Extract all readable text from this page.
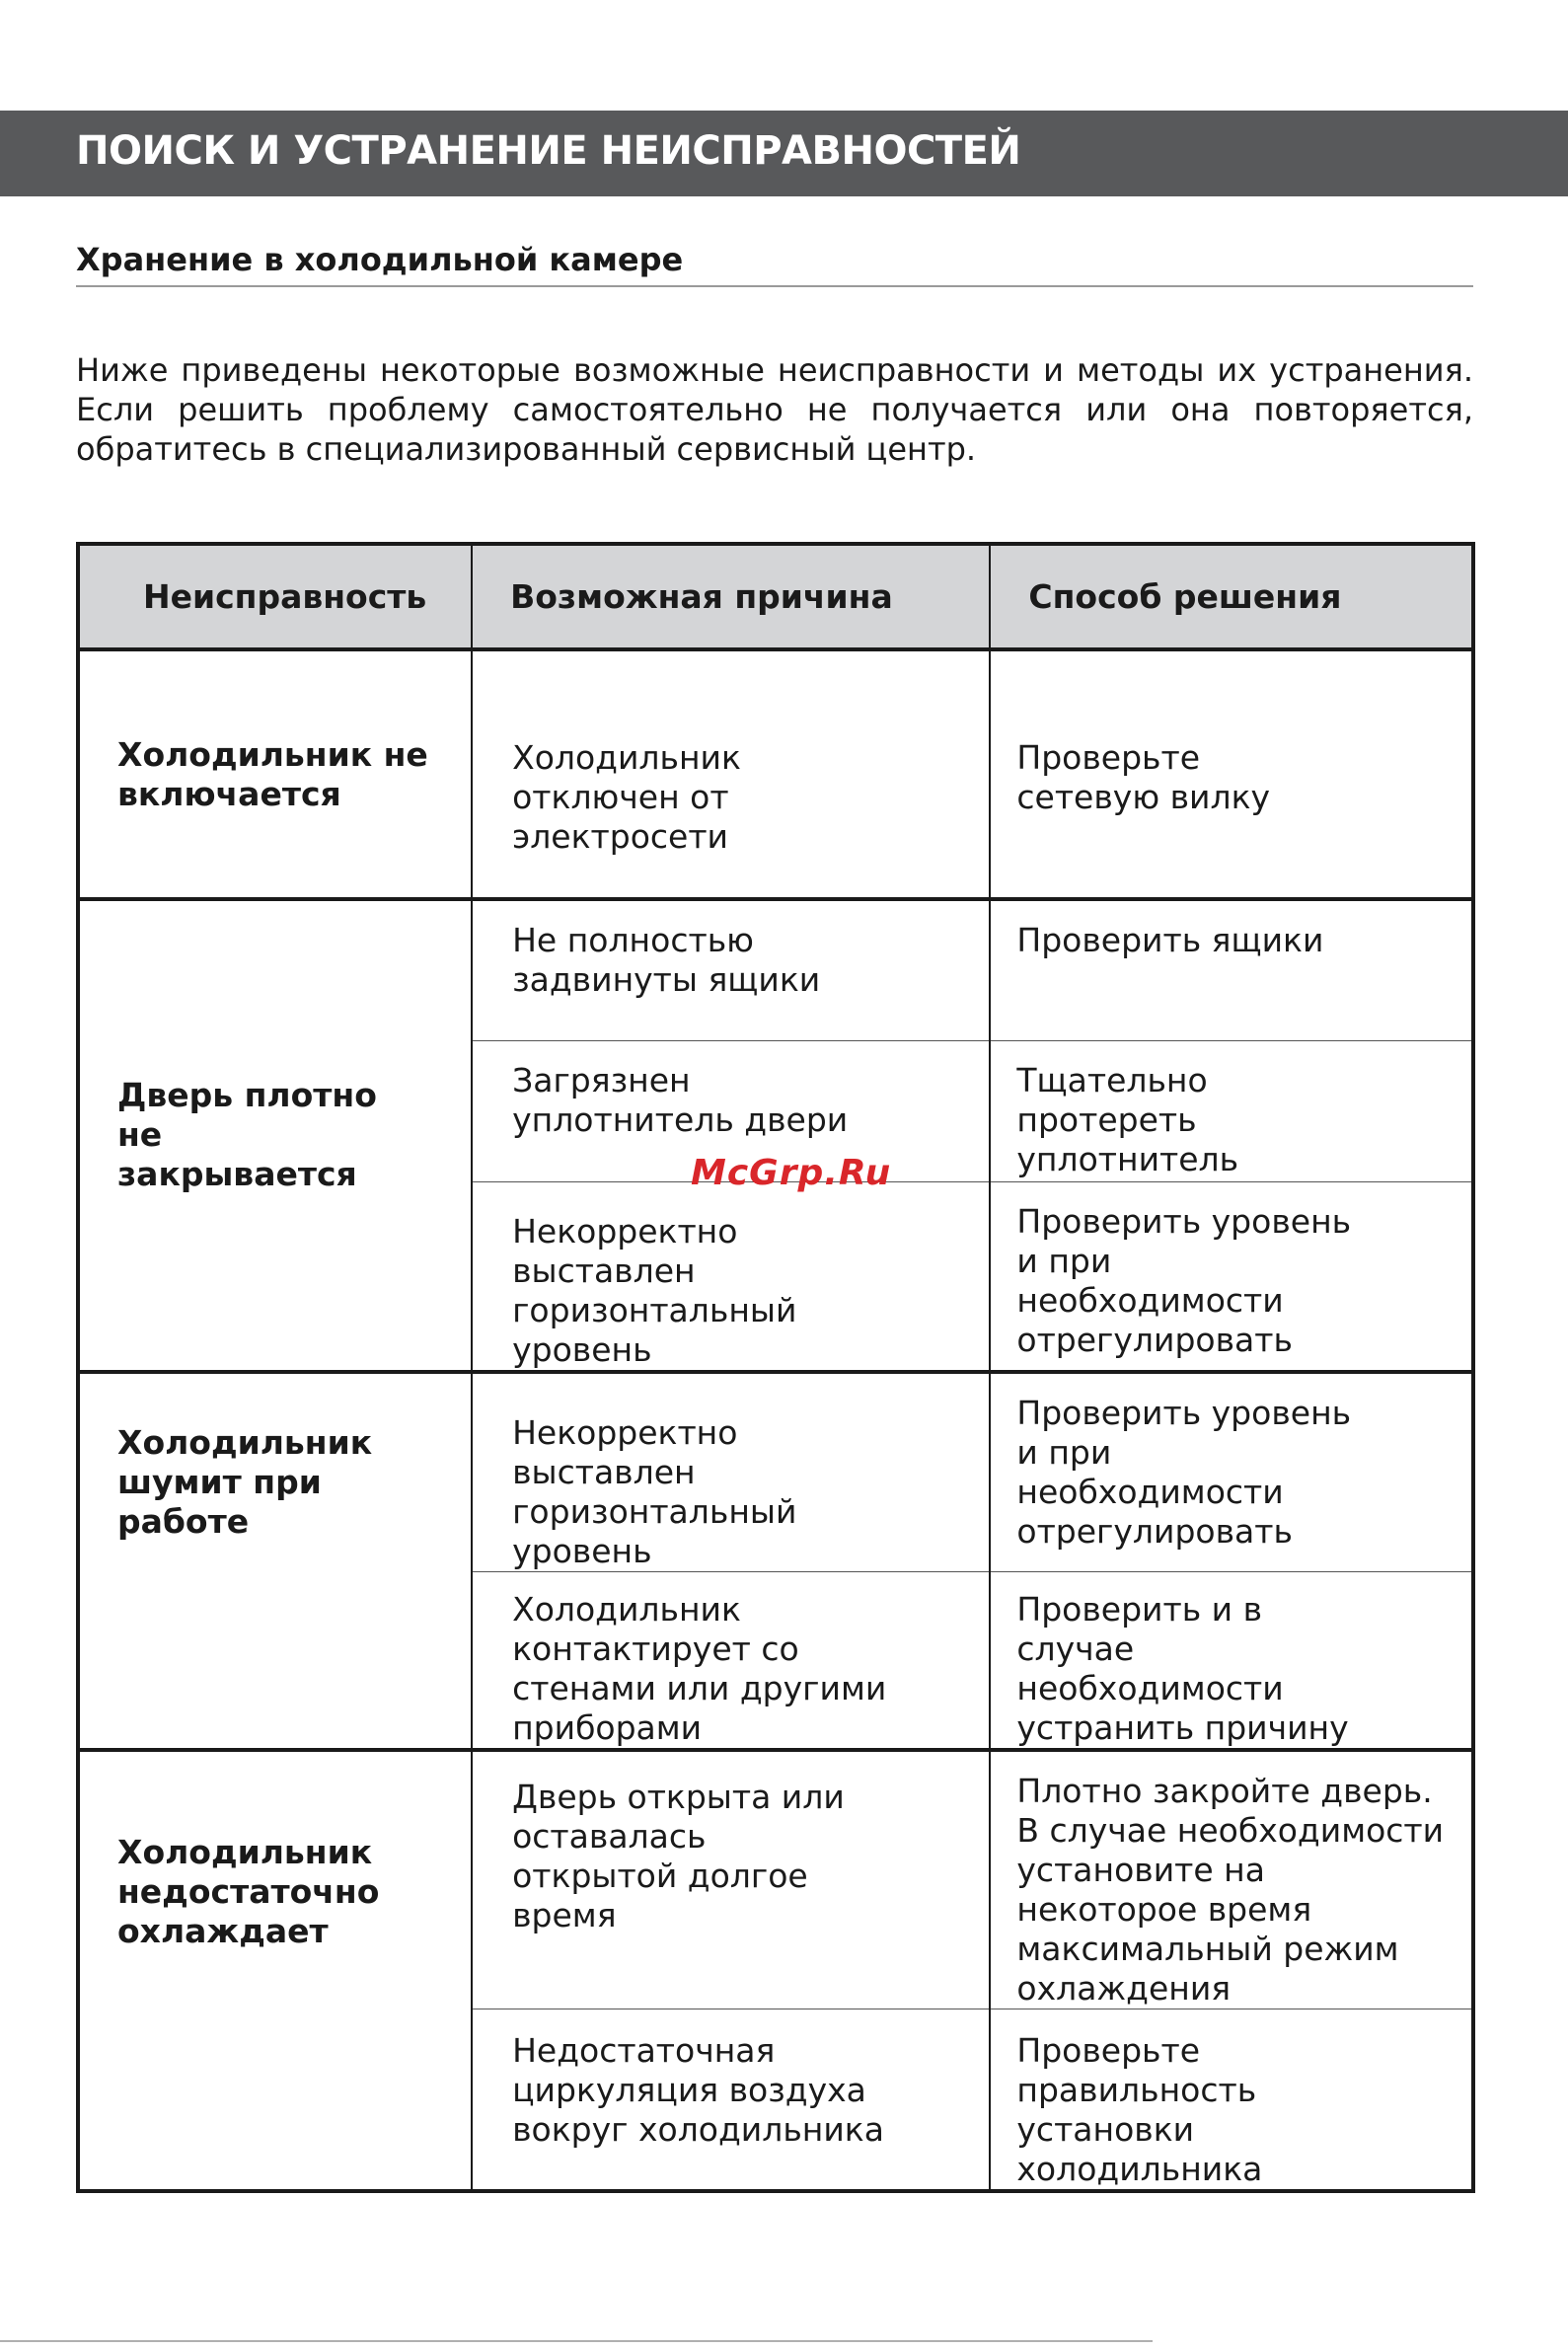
ПОИСК И УСТРАНЕНИЕ НЕИСПРАВНОСТЕЙ
Хранение в холодильной камере
Ниже приведены некоторые возможные неисправности и методы их устранения.
Если решить проблему самостоятельно не получается или она повторяется,
обратитесь в специализированный сервисный центр.
Неисправность	Возможная причина	Способ решения
Холодильник не включается	Холодильник отключен от электросети	Проверьте сетевую вилку
Дверь плотно не закрывается	Не полностью задвинуты ящики	Проверить ящики
	Загрязнен уплотнитель двери	Тщательно протереть уплотнитель
	Некорректно выставлен горизонтальный уровень	Проверить уровень и при необходимости отрегулировать
Холодильник шумит при работе	Некорректно выставлен горизонтальный уровень	Проверить уровень и при необходимости отрегулировать
	Холодильник контактирует со стенами или другими приборами	Проверить и в случае необходимости устранить причину
Холодильник недостаточно охлаждает	Дверь открыта или оставалась открытой долгое время	Плотно закройте дверь. В случае необходимости установите на некоторое время максимальный режим охлаждения
	Недостаточная циркуляция воздуха вокруг холодильника	Проверьте правильность установки холодильника
McGrp.Ru
